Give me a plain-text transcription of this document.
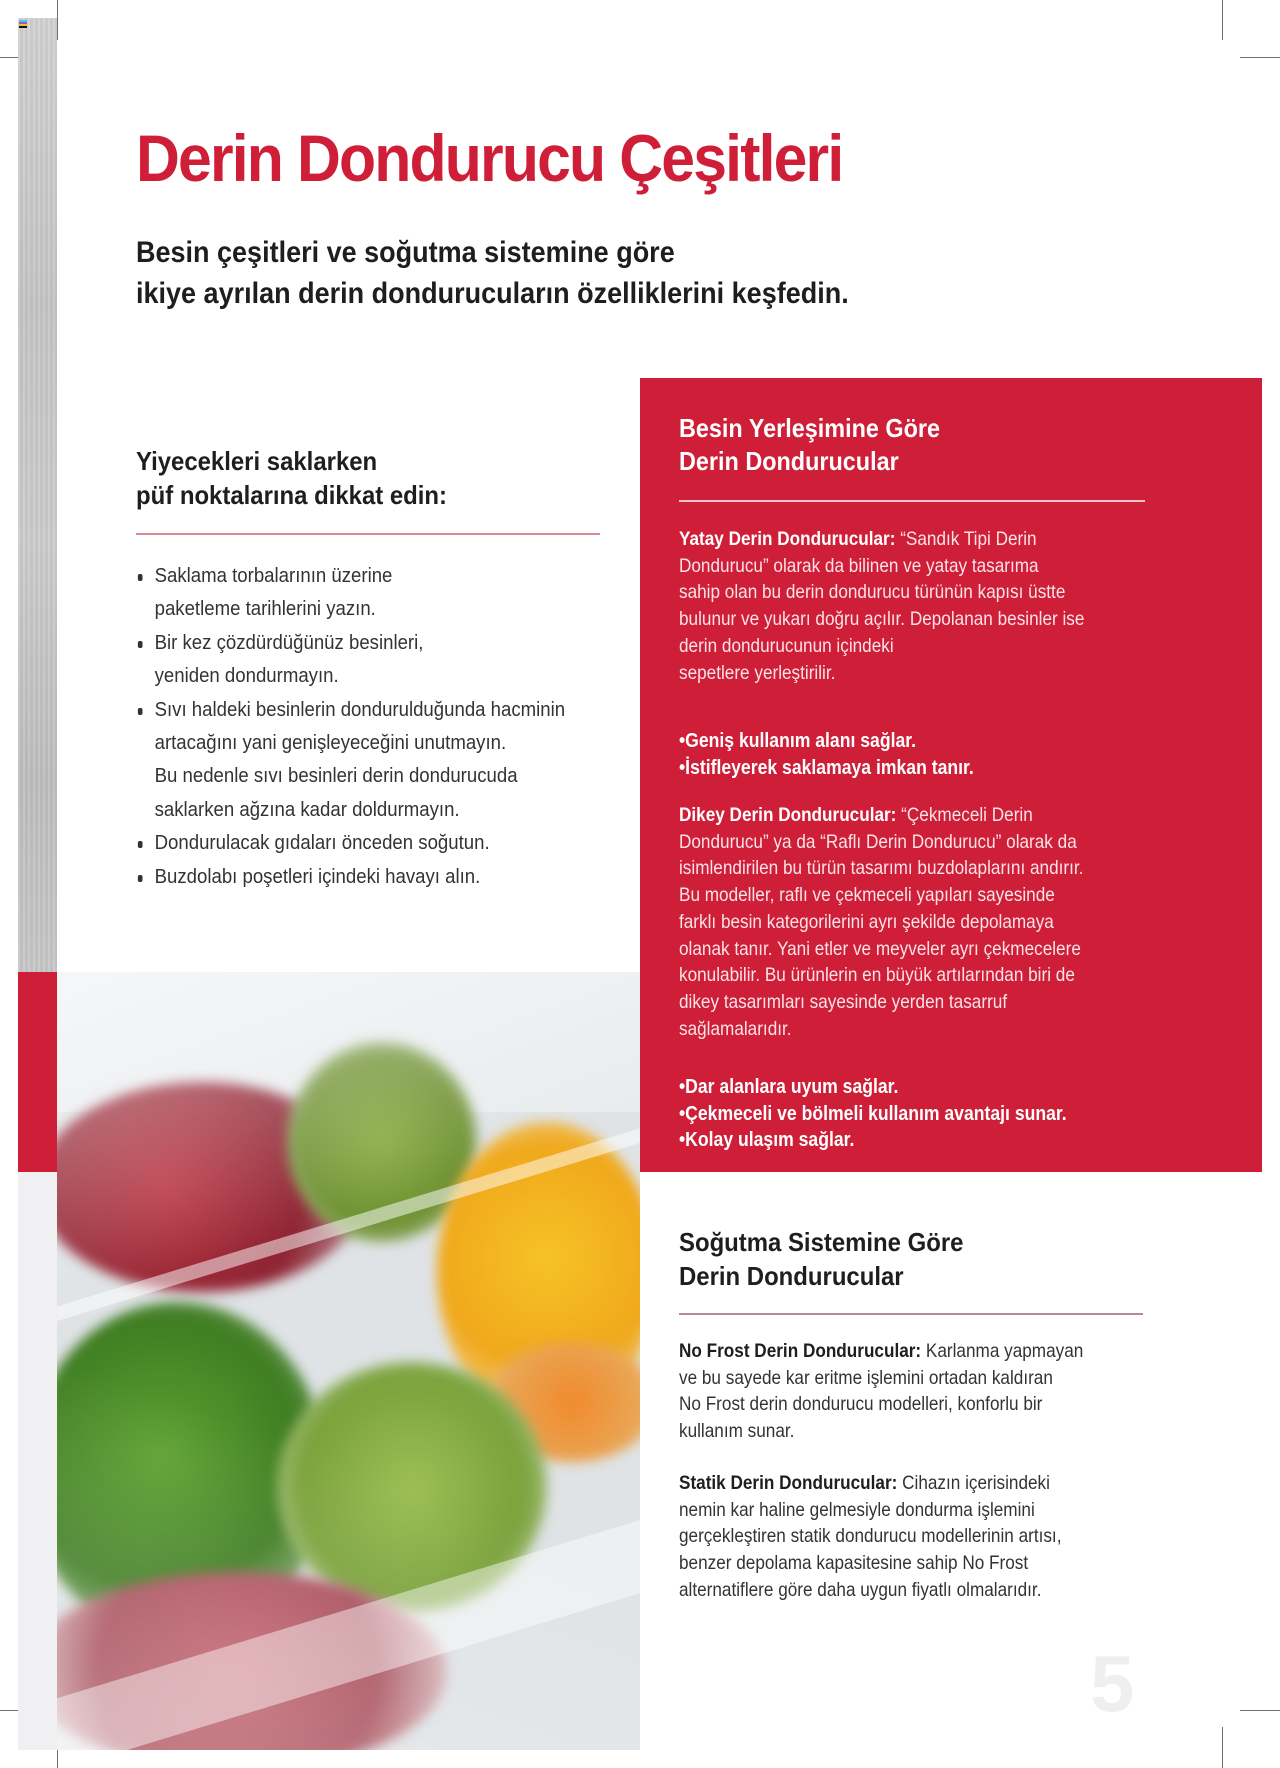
Derin Dondurucu Çeşitleri
Besin çeşitleri ve soğutma sistemine göre
ikiye ayrılan derin dondurucuların özelliklerini keşfedin.
Yiyecekleri saklarken
püf noktalarına dikkat edin:
Saklama torbalarının üzerine
paketleme tarihlerini yazın.
Bir kez çözdürdüğünüz besinleri,
yeniden dondurmayın.
Sıvı haldeki besinlerin dondurulduğunda hacminin
artacağını yani genişleyeceğini unutmayın.
Bu nedenle sıvı besinleri derin dondurucuda
saklarken ağzına kadar doldurmayın.
Dondurulacak gıdaları önceden soğutun.
Buzdolabı poşetleri içindeki havayı alın.
Besin Yerleşimine Göre
Derin Dondurucular
Yatay Derin Dondurucular: “Sandık Tipi Derin
Dondurucu” olarak da bilinen ve yatay tasarıma
sahip olan bu derin dondurucu türünün kapısı üstte
bulunur ve yukarı doğru açılır. Depolanan besinler ise
derin dondurucunun içindeki
sepetlere yerleştirilir.
• Geniş kullanım alanı sağlar.
• İstifleyerek saklamaya imkan tanır.
Dikey Derin Dondurucular: “Çekmeceli Derin
Dondurucu” ya da “Raflı Derin Dondurucu” olarak da
isimlendirilen bu türün tasarımı buzdolaplarını andırır.
Bu modeller, raflı ve çekmeceli yapıları sayesinde
farklı besin kategorilerini ayrı şekilde depolamaya
olanak tanır. Yani etler ve meyveler ayrı çekmecelere
konulabilir. Bu ürünlerin en büyük artılarından biri de
dikey tasarımları sayesinde yerden tasarruf
sağlamalarıdır.
• Dar alanlara uyum sağlar.
• Çekmeceli ve bölmeli kullanım avantajı sunar.
• Kolay ulaşım sağlar.
Soğutma Sistemine Göre
Derin Dondurucular
No Frost Derin Dondurucular: Karlanma yapmayan
ve bu sayede kar eritme işlemini ortadan kaldıran
No Frost derin dondurucu modelleri, konforlu bir
kullanım sunar.
Statik Derin Dondurucular: Cihazın içerisindeki
nemin kar haline gelmesiyle dondurma işlemini
gerçekleştiren statik dondurucu modellerinin artısı,
benzer depolama kapasitesine sahip No Frost
alternatiflere göre daha uygun fiyatlı olmalarıdır.
5
